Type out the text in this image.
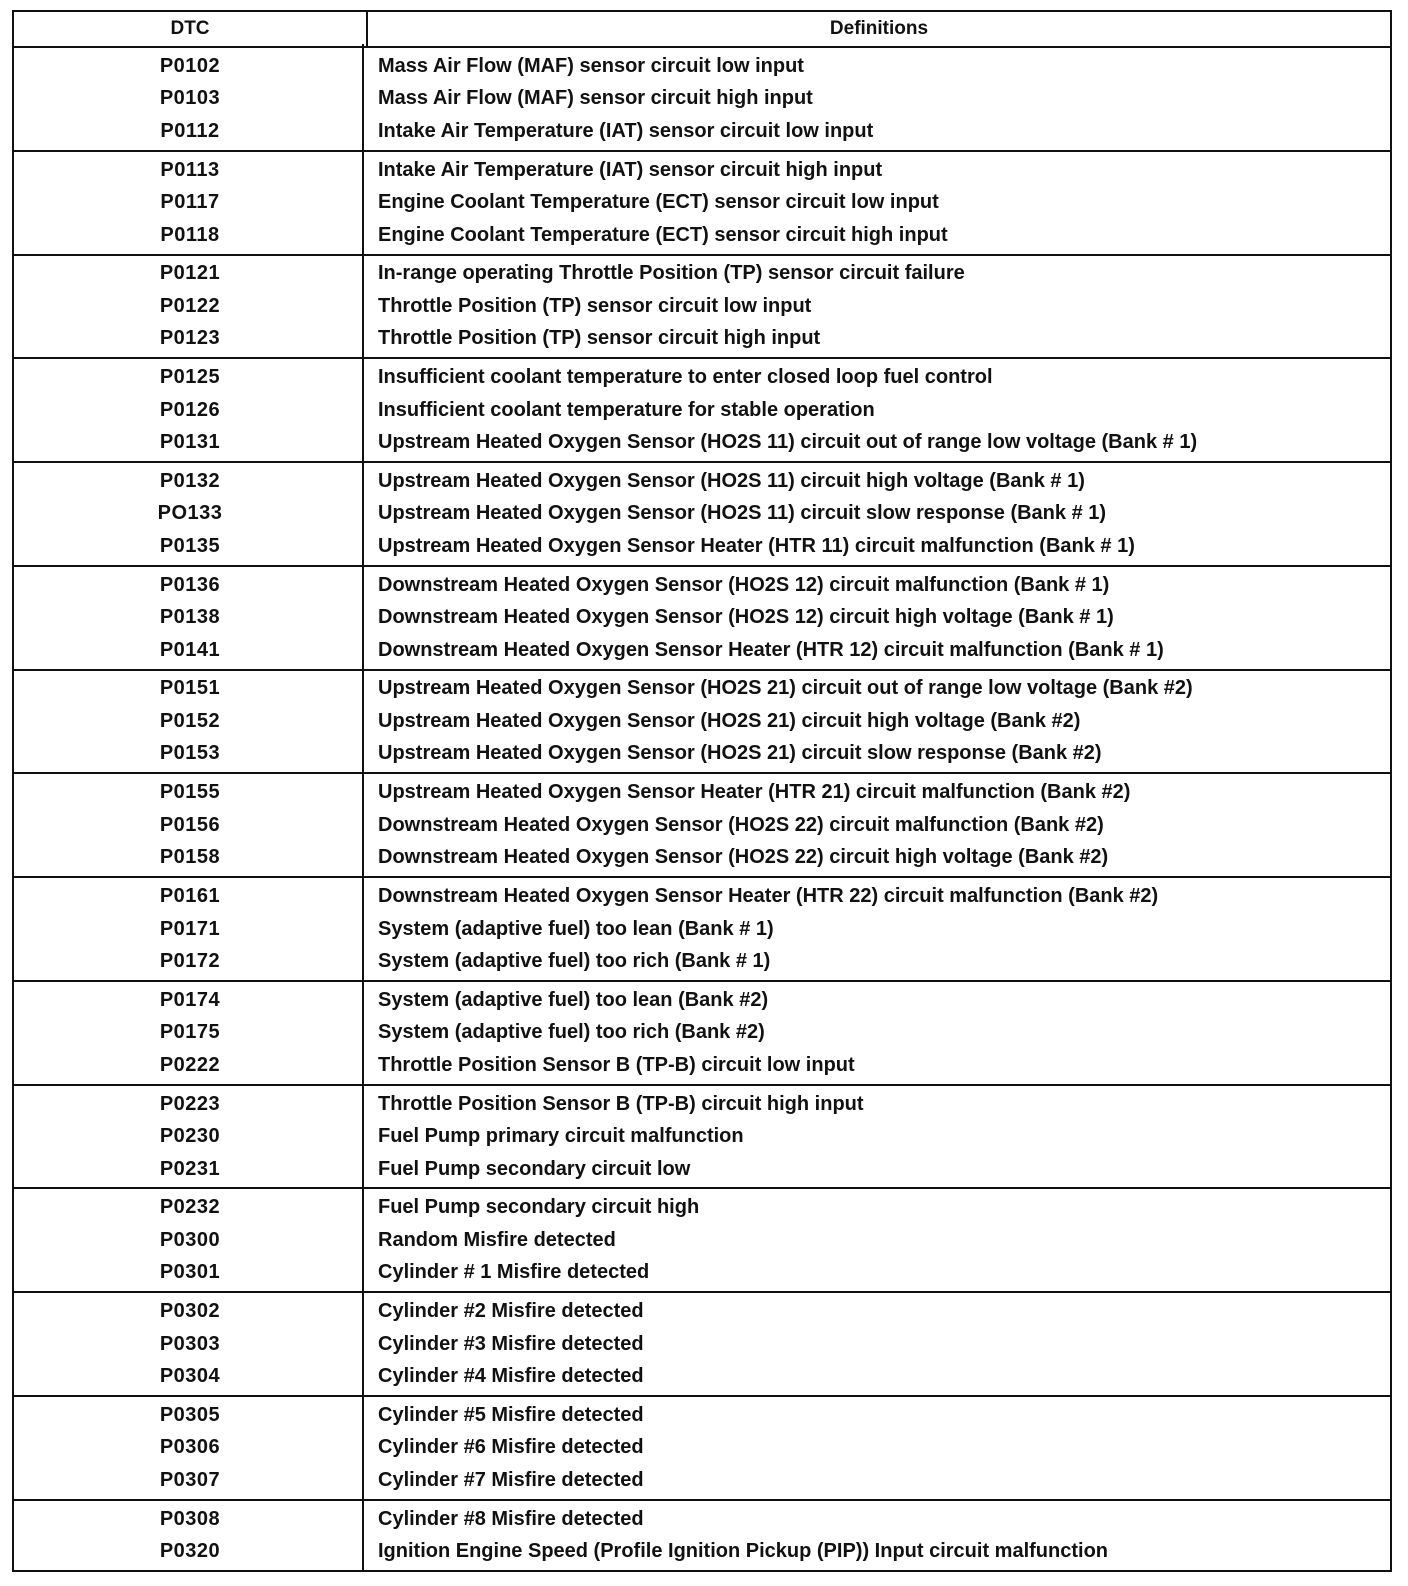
DTC	Definitions
P0102	Mass Air Flow (MAF) sensor circuit low input
P0103	Mass Air Flow (MAF) sensor circuit high input
P0112	Intake Air Temperature (IAT) sensor circuit low input
P0113	Intake Air Temperature (IAT) sensor circuit high input
P0117	Engine Coolant Temperature (ECT) sensor circuit low input
P0118	Engine Coolant Temperature (ECT) sensor circuit high input
P0121	In-range operating Throttle Position (TP) sensor circuit failure
P0122	Throttle Position (TP) sensor circuit low input
P0123	Throttle Position (TP) sensor circuit high input
P0125	Insufficient coolant temperature to enter closed loop fuel control
P0126	Insufficient coolant temperature for stable operation
P0131	Upstream Heated Oxygen Sensor (HO2S 11) circuit out of range low voltage (Bank # 1)
P0132	Upstream Heated Oxygen Sensor (HO2S 11) circuit high voltage (Bank # 1)
PO133	Upstream Heated Oxygen Sensor (HO2S 11) circuit slow response (Bank # 1)
P0135	Upstream Heated Oxygen Sensor Heater (HTR 11) circuit malfunction (Bank # 1)
P0136	Downstream Heated Oxygen Sensor (HO2S 12) circuit malfunction (Bank # 1)
P0138	Downstream Heated Oxygen Sensor (HO2S 12) circuit high voltage (Bank # 1)
P0141	Downstream Heated Oxygen Sensor Heater (HTR 12) circuit malfunction (Bank # 1)
P0151	Upstream Heated Oxygen Sensor (HO2S 21) circuit out of range low voltage (Bank #2)
P0152	Upstream Heated Oxygen Sensor (HO2S 21) circuit high voltage (Bank #2)
P0153	Upstream Heated Oxygen Sensor (HO2S 21) circuit slow response (Bank #2)
P0155	Upstream Heated Oxygen Sensor Heater (HTR 21) circuit malfunction (Bank #2)
P0156	Downstream Heated Oxygen Sensor (HO2S 22) circuit malfunction (Bank #2)
P0158	Downstream Heated Oxygen Sensor (HO2S 22) circuit high voltage (Bank #2)
P0161	Downstream Heated Oxygen Sensor Heater (HTR 22) circuit malfunction (Bank #2)
P0171	System (adaptive fuel) too lean (Bank # 1)
P0172	System (adaptive fuel) too rich (Bank # 1)
P0174	System (adaptive fuel) too lean (Bank #2)
P0175	System (adaptive fuel) too rich (Bank #2)
P0222	Throttle Position Sensor B (TP-B) circuit low input
P0223	Throttle Position Sensor B (TP-B) circuit high input
P0230	Fuel Pump primary circuit malfunction
P0231	Fuel Pump secondary circuit low
P0232	Fuel Pump secondary circuit high
P0300	Random Misfire detected
P0301	Cylinder # 1 Misfire detected
P0302	Cylinder #2 Misfire detected
P0303	Cylinder #3 Misfire detected
P0304	Cylinder #4 Misfire detected
P0305	Cylinder #5 Misfire detected
P0306	Cylinder #6 Misfire detected
P0307	Cylinder #7 Misfire detected
P0308	Cylinder #8 Misfire detected
P0320	Ignition Engine Speed (Profile Ignition Pickup (PIP)) Input circuit malfunction
